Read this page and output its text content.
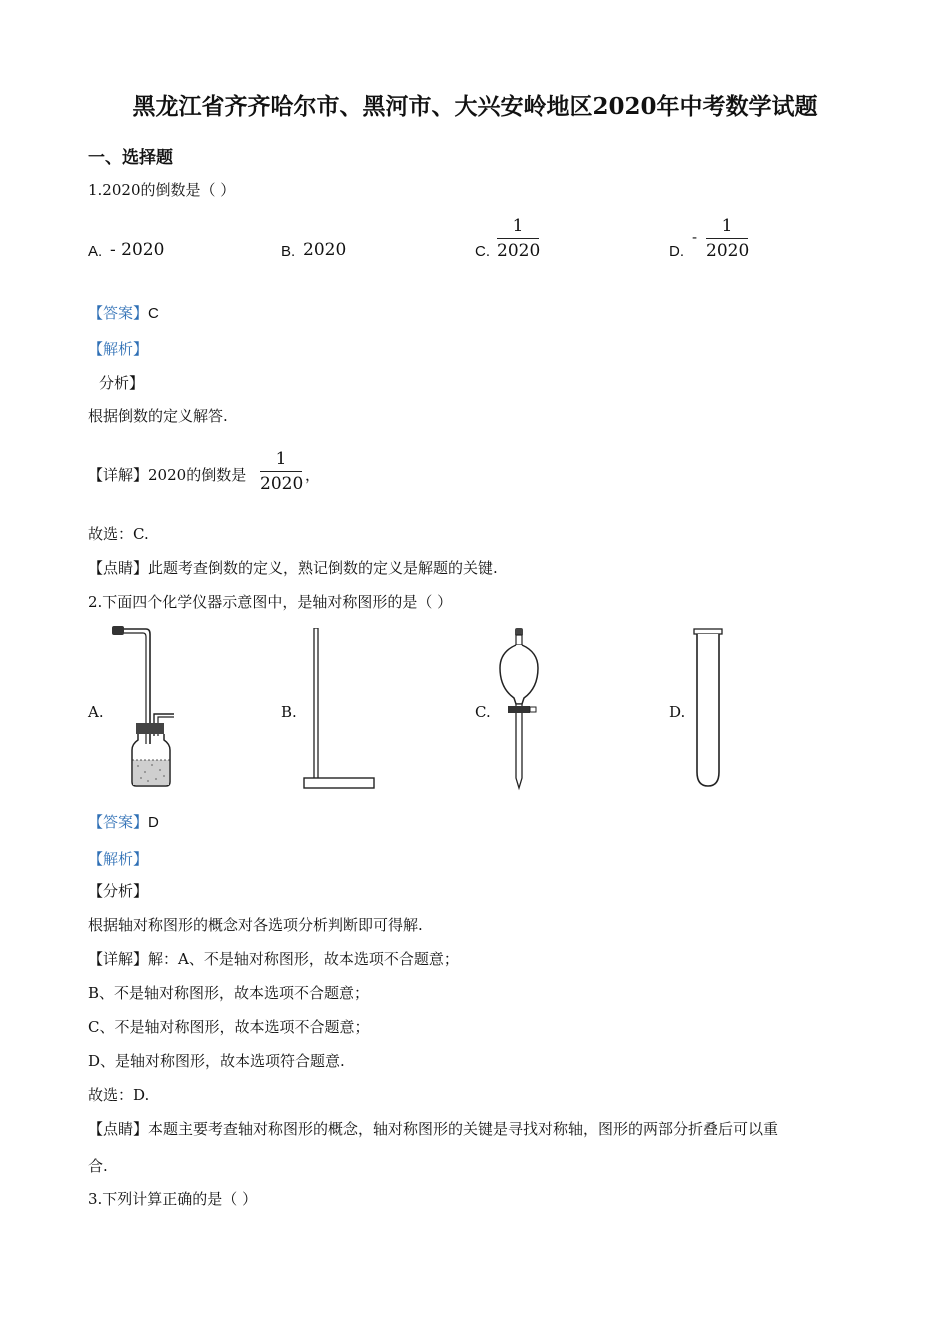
黑龙江省齐齐哈尔市、黑河市、大兴安岭地区2020年中考数学试题
一、选择题
1.2020的倒数是（ ）
A. - 2020	B. 2020	C.
1
2020	D.
-
1
2020
【答案】C
【解析】
分析】
根据倒数的定义解答.
【详解】2020的倒数是
1
2020 ，
故选：C.
【点睛】此题考查倒数的定义，熟记倒数的定义是解题的关键.
2.下面四个化学仪器示意图中，是轴对称图形的是（ ）
A.	B.	C.	D.
【答案】D
【解析】
【分析】
根据轴对称图形的概念对各选项分析判断即可得解.
【详解】解：A、不是轴对称图形，故本选项不合题意；
B、不是轴对称图形，故本选项不合题意；
C、不是轴对称图形，故本选项不合题意；
D、是轴对称图形，故本选项符合题意.
故选：D.
【点睛】本题主要考查轴对称图形的概念，轴对称图形的关键是寻找对称轴，图形的两部分折叠后可以重
合.
3.下列计算正确的是（ ）
